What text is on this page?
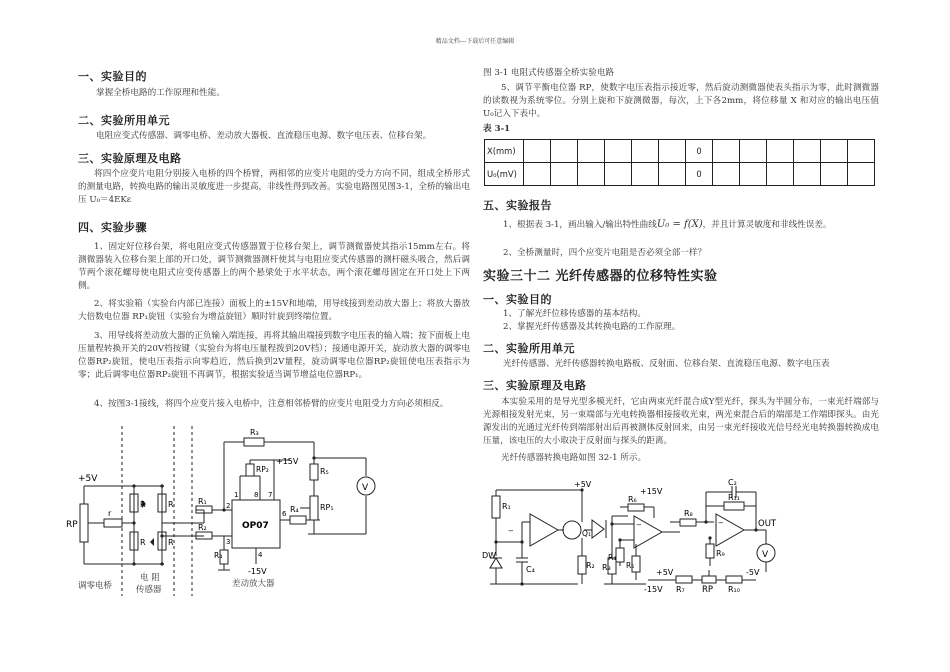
精品文档---下载后可任意编辑
一、实验目的
掌握全桥电路的工作原理和性能。
二、实验所用单元
电阻应变式传感器、调零电桥、差动放大器板、直流稳压电源、数字电压表、位移台架。
三、实验原理及电路
将四个应变片电阻分别接入电桥的四个桥臂，两相邻的应变片电阻的受力方向不同，组成全桥形式的测量电路，转换电路的输出灵敏度进一步提高，非线性得到改善。实验电路图见图3-1，全桥的输出电压 U₀＝4EKε
四、实验步骤
1、固定好位移台架，将电阻应变式传感器置于位移台架上，调节测微器使其指示15mm左右。将测微器装入位移台架上部的开口处，调节测微器测杆使其与电阻应变式传感器的测杆磁头吸合，然后调节两个滚花螺母使电阻式应变传感器上的两个悬梁处于水平状态，两个滚花螺母固定在开口处上下两侧。
2、将实验箱（实验台内部已连接）面板上的±15V和地端，用导线接到差动放大器上；将放大器放大倍数电位器 RP₁旋钮（实验台为增益旋钮）顺时针旋到终端位置。
3、用导线将差动放大器的正负输入端连接，再将其输出端接到数字电压表的输入端；按下面板上电压量程转换开关的20V档按键（实验台为将电压量程拨到20V档）；接通电源开关，旋动放大器的调零电位器RP₂旋钮，使电压表指示向零趋近，然后换到2V量程，旋动调零电位器RP₂旋钮使电压表指示为零；此后调零电位器RP₂旋钮不再调节，根据实验适当调节增益电位器RP₁。
4、按图3-1接线，将四个应变片接入电桥中，注意相邻桥臂的应变片电阻受力方向必须相反。
+5V
r
RP
R
R
R
R
R₁
R₂
R₃
RP₂
+15V
OP07
1 8 7
2
3
4
6
R₄
-15V
R₄
R₅
RP₁
V
调零电桥
电 阻
传感器
差动放大器
图 3-1 电阻式传感器全桥实验电路
5、调节平衡电位器 RP，使数字电压表指示接近零，然后旋动测微器使表头指示为零，此时测微器的读数视为系统零位。分别上旋和下旋测微器，每次，上下各2mm，将位移量 X 和对应的输出电压值 U₀记入下表中。
表 3-1
X(mm)							0						
U₀(mV)							0						
五、实验报告
1、根据表 3-1，画出输入/输出特性曲线U₀ = f(X)，并且计算灵敏度和非线性误差。
2、全桥测量时，四个应变片电阻是否必须全部一样？
实验三十二 光纤传感器的位移特性实验
一、实验目的
1、了解光纤位移传感器的基本结构。
2、掌握光纤传感器及其转换电路的工作原理。
二、实验所用单元
光纤传感器、光纤传感器转换电路板、反射面、位移台架、直流稳压电源、数字电压表
三、实验原理及电路
本实验采用的是导光型多模光纤，它由两束光纤混合成Y型光纤，探头为半圆分布，一束光纤端部与光源相接发射光束，另一束端部与光电转换器相接接收光束，两光束混合后的端部是工作端即探头。由光源发出的光通过光纤传到端部射出后再被测体反射回来，由另一束光纤接收光信号经光电转换器转换成电压量，该电压的大小取决于反射面与探头的距离。
光纤传感器转换电路如图 32-1 所示。
−
−	−
+5V
R₁
DW
C₄
Q₁
R₂ R₃
R₆
+15V
R₄
R₅
-15V
R₈
C₂
R₁₁
R₉
OUT
V
+5V	-5V
R₇ RP R₁₀
